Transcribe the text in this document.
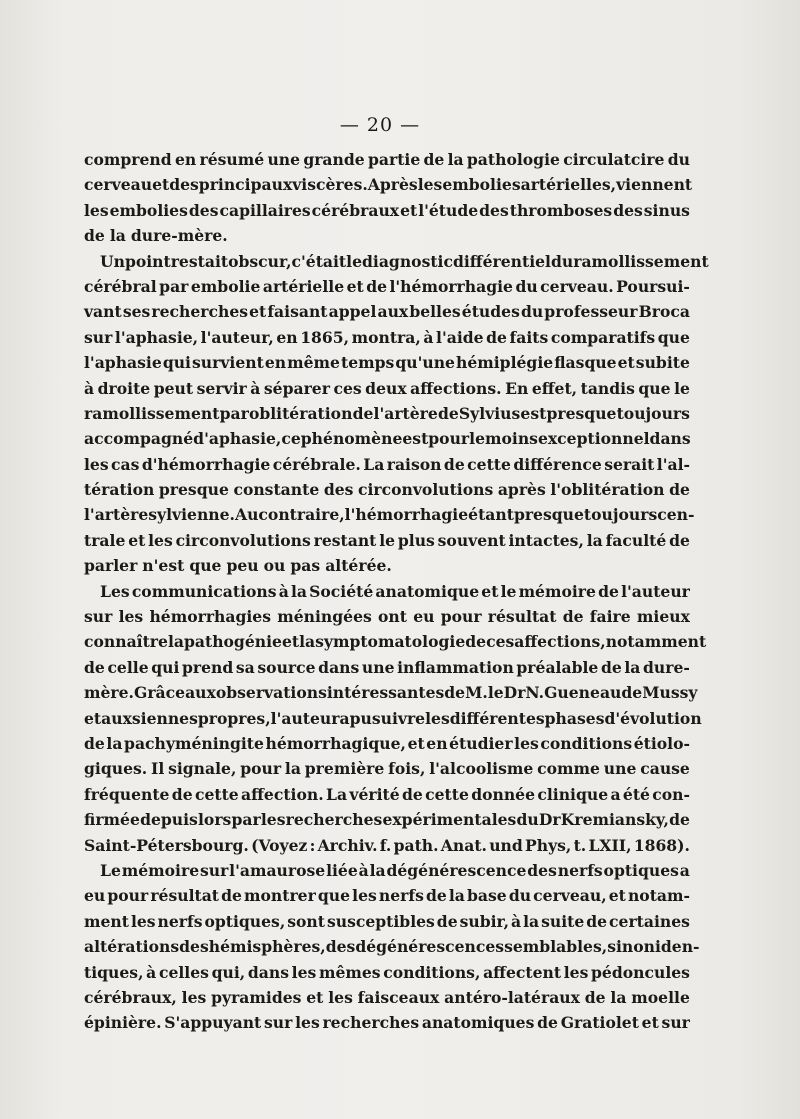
— 20 —
comprend en résumé une grande partie de la pathologie circulatcire du
cerveau et des principaux viscères. Après les embolies artérielles, viennent
les embolies des capillaires cérébraux et l'étude des thromboses des sinus
de la dure-mère.
Un point restait obscur, c'était le diagnostic différentiel du ramollissement
cérébral par embolie artérielle et de l'hémorrhagie du cerveau. Poursui-
vant ses recherches et faisant appel aux belles études du professeur Broca
sur l'aphasie, l'auteur, en 1865, montra, à l'aide de faits comparatifs que
l'aphasie qui survient en même temps qu'une hémiplégie flasque et subite
à droite peut servir à séparer ces deux affections. En effet, tandis que le
ramollissement par oblitération de l'artère de Sylvius est presque toujours
accompagné d'aphasie, ce phénomène est pour le moins exceptionnel dans
les cas d'hémorrhagie cérébrale. La raison de cette différence serait l'al-
tération presque constante des circonvolutions après l'oblitération de
l'artère sylvienne. Au contraire, l'hémorrhagie étant presque toujours cen-
trale et les circonvolutions restant le plus souvent intactes, la faculté de
parler n'est que peu ou pas altérée.
Les communications à la Société anatomique et le mémoire de l'auteur
sur les hémorrhagies méningées ont eu pour résultat de faire mieux
connaître la pathogénie et la symptomatologie de ces affections, notamment
de celle qui prend sa source dans une inflammation préalable de la dure-
mère. Grâce aux observations intéressantes de M. le Dr N. Gueneau de Mussy
et aux siennes propres, l'auteur a pu suivre les différentes phases d'évolution
de la pachyméningite hémorrhagique, et en étudier les conditions étiolo-
giques. Il signale, pour la première fois, l'alcoolisme comme une cause
fréquente de cette affection. La vérité de cette donnée clinique a été con-
firmée depuis lors par les recherches expérimentales du Dr Kremiansky, de
Saint-Pétersbourg. (Voyez : Archiv. f. path. Anat. und Phys, t. LXII, 1868).
Le mémoire sur l'amaurose liée à la dégénérescence des nerfs optiques a
eu pour résultat de montrer que les nerfs de la base du cerveau, et notam-
ment les nerfs optiques, sont susceptibles de subir, à la suite de certaines
altérations des hémisphères, des dégénérescences semblables, sinon iden-
tiques, à celles qui, dans les mêmes conditions, affectent les pédoncules
cérébraux, les pyramides et les faisceaux antéro-latéraux de la moelle
épinière. S'appuyant sur les recherches anatomiques de Gratiolet et sur
